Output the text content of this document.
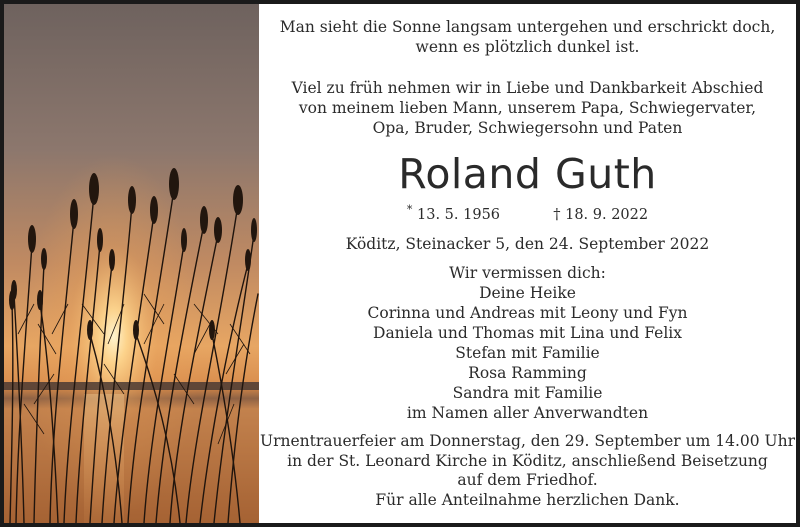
Man sieht die Sonne langsam untergehen und erschrickt doch,
wenn es plötzlich dunkel ist.
Viel zu früh nehmen wir in Liebe und Dankbarkeit Abschied
von meinem lieben Mann, unserem Papa, Schwiegervater,
Opa, Bruder, Schwiegersohn und Paten
Roland Guth
* 13. 5. 1956	† 18. 9. 2022
Köditz, Steinacker 5, den 24. September 2022
Wir vermissen dich:
Deine Heike
Corinna und Andreas mit Leony und Fyn
Daniela und Thomas mit Lina und Felix
Stefan mit Familie
Rosa Ramming
Sandra mit Familie
im Namen aller Anverwandten
Urnentrauerfeier am Donnerstag, den 29. September um 14.00 Uhr
in der St. Leonard Kirche in Köditz, anschließend Beisetzung
auf dem Friedhof.
Für alle Anteilnahme herzlichen Dank.
